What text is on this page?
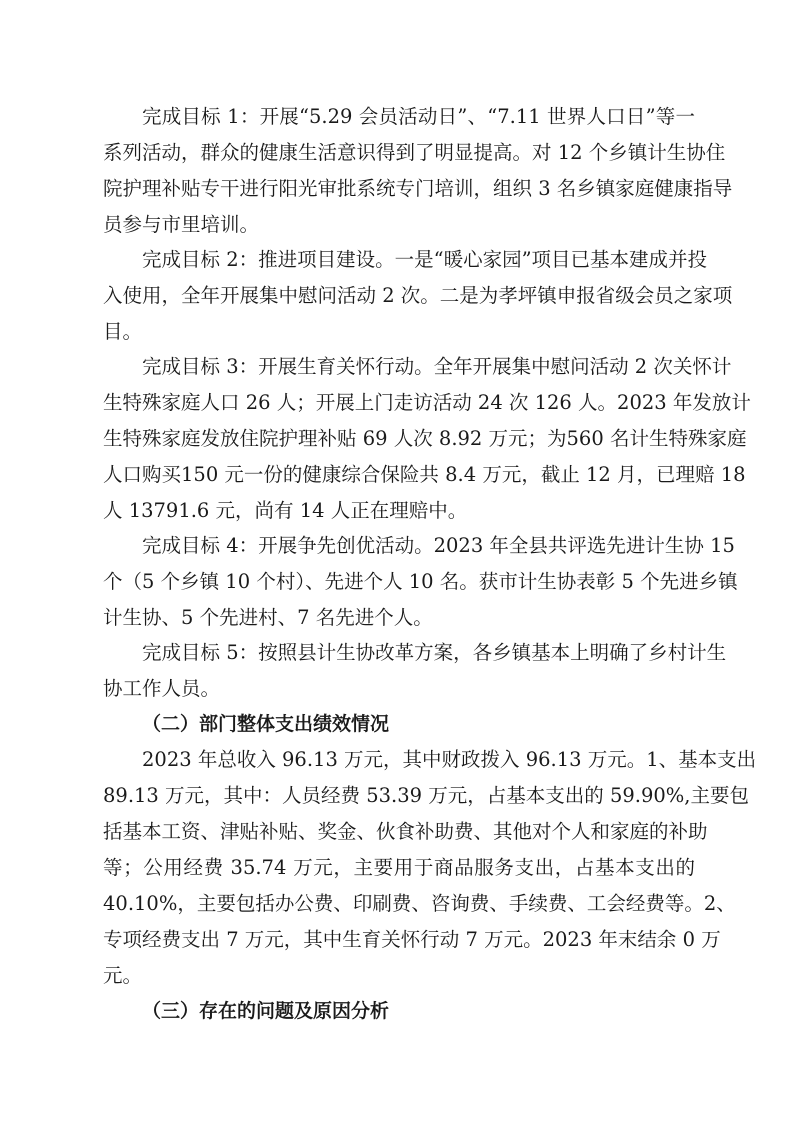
完成目标 1：开展“5.29 会员活动日”、“7.11 世界人口日”等一

系列活动，群众的健康生活意识得到了明显提高。对 12 个乡镇计生协住

院护理补贴专干进行阳光审批系统专门培训，组织 3 名乡镇家庭健康指导

员参与市里培训。

完成目标 2：推进项目建设。一是“暖心家园”项目已基本建成并投

入使用，全年开展集中慰问活动 2 次。二是为孝坪镇申报省级会员之家项

目。

完成目标 3：开展生育关怀行动。全年开展集中慰问活动 2 次关怀计

生特殊家庭人口 26 人；开展上门走访活动 24 次 126 人。2023 年发放计

生特殊家庭发放住院护理补贴 69 人次 8.92 万元；为560 名计生特殊家庭

人口购买150 元一份的健康综合保险共 8.4 万元，截止 12 月，已理赔 18

人 13791.6 元，尚有 14 人正在理赔中。

完成目标 4：开展争先创优活动。2023 年全县共评选先进计生协 15

个（5 个乡镇 10 个村）、先进个人 10 名。获市计生协表彰 5 个先进乡镇

计生协、5 个先进村、7 名先进个人。

完成目标 5：按照县计生协改革方案，各乡镇基本上明确了乡村计生

协工作人员。

（二）部门整体支出绩效情况

2023 年总收入 96.13 万元，其中财政拨入 96.13 万元。1、基本支出

89.13 万元，其中：人员经费 53.39 万元，占基本支出的 59.90%,主要包

括基本工资、津贴补贴、奖金、伙食补助费、其他对个人和家庭的补助

等；公用经费 35.74 万元，主要用于商品服务支出，占基本支出的

40.10%，主要包括办公费、印刷费、咨询费、手续费、工会经费等。2、

专项经费支出 7 万元，其中生育关怀行动 7 万元。2023 年末结余 0 万

元。

（三）存在的问题及原因分析
